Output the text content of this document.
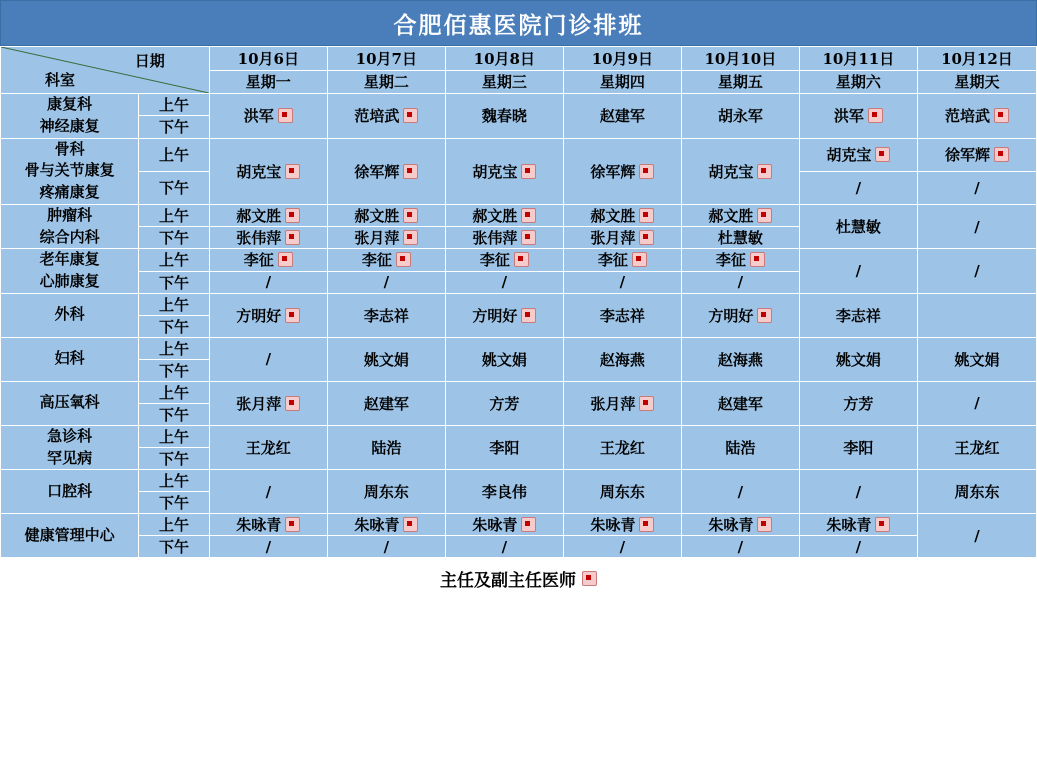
合肥佰惠医院门诊排班
日期
科室		10月6日	10月7日	10月8日	10月9日	10月10日	10月11日	10月12日
		星期一	星期二	星期三	星期四	星期五	星期六	星期天
康复科
神经康复	上午	洪军	范培武	魏春晓	赵建军	胡永军	洪军	范培武

	下午							
骨科
骨与关节康复
疼痛康复	上午	胡克宝	徐军辉	胡克宝	徐军辉	胡克宝	胡克宝	徐军辉

	下午						/	/
肿瘤科
综合内科	上午	郝文胜	郝文胜	郝文胜	郝文胜	郝文胜	杜慧敏	/
	下午	张伟萍	张月萍	张伟萍	张月萍	杜慧敏		

老年康复
心肺康复	上午	李征	李征	李征	李征	李征	/	/
	下午	/	/	/	/	/		
外科	上午	方明好	李志祥	方明好	李志祥	方明好	李志祥	

	下午							
妇科	上午	/	姚文娟	姚文娟	赵海燕	赵海燕	姚文娟	姚文娟
	下午							
高压氧科	上午	张月萍	赵建军	方芳	张月萍	赵建军	方芳	/
	下午							
急诊科
罕见病	上午	王龙红	陆浩	李阳	王龙红	陆浩	李阳	王龙红
	下午							
口腔科	上午	/	周东东	李良伟	周东东	/	/	周东东
	下午							
健康管理中心	上午	朱咏青	朱咏青	朱咏青	朱咏青	朱咏青	朱咏青	/
	下午	/	/	/	/	/	/	
主任及副主任医师
